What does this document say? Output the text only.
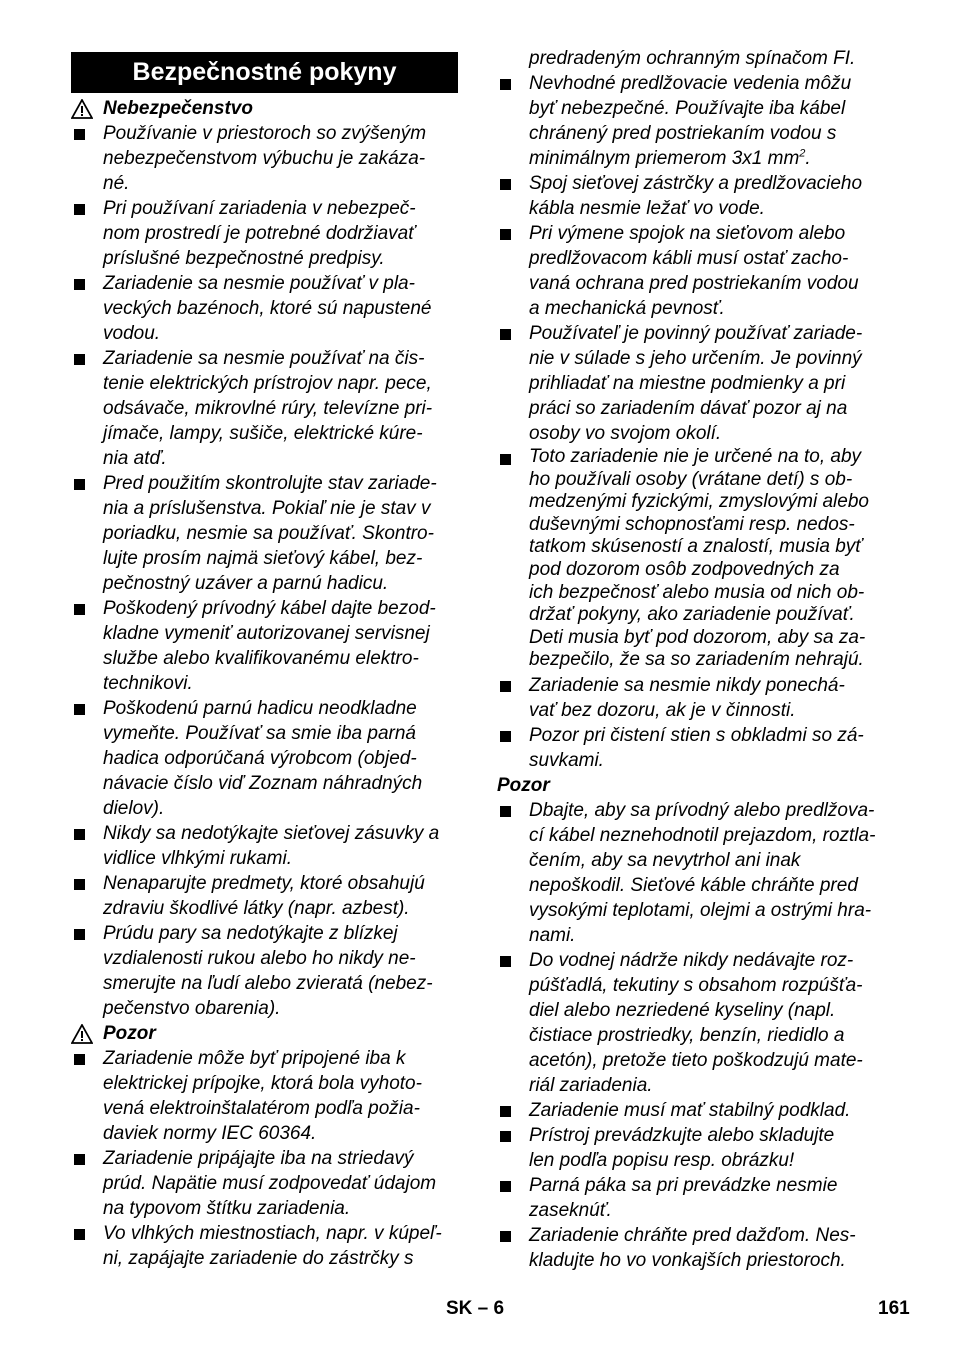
Bezpečnostné pokyny
Nebezpečenstvo
Používanie v priestoroch so zvýšeným
nebezpečenstvom výbuchu je zakáza-
né.
Pri používaní zariadenia v nebezpeč-
nom prostredí je potrebné dodržiavať
príslušné bezpečnostné predpisy.
Zariadenie sa nesmie používať v pla-
veckých bazénoch, ktoré sú napustené
vodou.
Zariadenie sa nesmie používať na čis-
tenie elektrických prístrojov napr. pece,
odsávače, mikrovlné rúry, televízne pri-
jímače, lampy, sušiče, elektrické kúre-
nia atď.
Pred použitím skontrolujte stav zariade-
nia a príslušenstva. Pokiaľ nie je stav v
poriadku, nesmie sa používať. Skontro-
lujte prosím najmä sieťový kábel, bez-
pečnostný uzáver a parnú hadicu.
Poškodený prívodný kábel dajte bezod-
kladne vymeniť autorizovanej servisnej
službe alebo kvalifikovanému elektro-
technikovi.
Poškodenú parnú hadicu neodkladne
vymeňte. Používať sa smie iba parná
hadica odporúčaná výrobcom (objed-
návacie číslo viď Zoznam náhradných
dielov).
Nikdy sa nedotýkajte sieťovej zásuvky a
vidlice vlhkými rukami.
Nenaparujte predmety, ktoré obsahujú
zdraviu škodlivé látky (napr. azbest).
Prúdu pary sa nedotýkajte z blízkej
vzdialenosti rukou alebo ho nikdy ne-
smerujte na ľudí alebo zvieratá (nebez-
pečenstvo obarenia).
Pozor
Zariadenie môže byť pripojené iba k
elektrickej prípojke, ktorá bola vyhoto-
vená elektroinštalatérom podľa požia-
daviek normy IEC 60364.
Zariadenie pripájajte iba na striedavý
prúd. Napätie musí zodpovedať údajom
na typovom štítku zariadenia.
Vo vlhkých miestnostiach, napr. v kúpeľ-
ni, zapájajte zariadenie do zástrčky s
predradeným ochranným spínačom FI.
Nevhodné predlžovacie vedenia môžu
byť nebezpečné. Používajte iba kábel
chránený pred postriekaním vodou s
minimálnym priemerom 3x1 $mm^2$.
Spoj sieťovej zástrčky a predlžovacieho
kábla nesmie ležať vo vode.
Pri výmene spojok na sieťovom alebo
predlžovacom kábli musí ostať zacho-
vaná ochrana pred postriekaním vodou
a mechanická pevnosť.
Používateľ je povinný používať zariade-
nie v súlade s jeho určením. Je povinný
prihliadať na miestne podmienky a pri
práci so zariadením dávať pozor aj na
osoby vo svojom okolí.
Toto zariadenie nie je určené na to, aby
ho používali osoby (vrátane detí) s ob-
medzenými fyzickými, zmyslovými alebo
duševnými schopnosťami resp. nedos-
tatkom skúseností a znalostí, musia byť
pod dozorom osôb zodpovedných za
ich bezpečnosť alebo musia od nich ob-
držať pokyny, ako zariadenie používať.
Deti musia byť pod dozorom, aby sa za-
bezpečilo, že sa so zariadením nehrajú.
Zariadenie sa nesmie nikdy ponechá-
vať bez dozoru, ak je v činnosti.
Pozor pri čistení stien s obkladmi so zá-
suvkami.
Pozor
Dbajte, aby sa prívodný alebo predlžova-
cí kábel neznehodnotil prejazdom, roztla-
čením, aby sa nevytrhol ani inak
nepoškodil. Sieťové káble chráňte pred
vysokými teplotami, olejmi a ostrými hra-
nami.
Do vodnej nádrže nikdy nedávajte roz-
púšťadlá, tekutiny s obsahom rozpúšťa-
diel alebo nezriedené kyseliny (napl.
čistiace prostriedky, benzín, riedidlo a
acetón), pretože tieto poškodzujú mate-
riál zariadenia.
Zariadenie musí mať stabilný podklad.
Prístroj prevádzkujte alebo skladujte
len podľa popisu resp. obrázku!
Parná páka sa pri prevádzke nesmie
zaseknúť.
Zariadenie chráňte pred dažďom. Nes-
kladujte ho vo vonkajších priestoroch.
SK – 6	161
